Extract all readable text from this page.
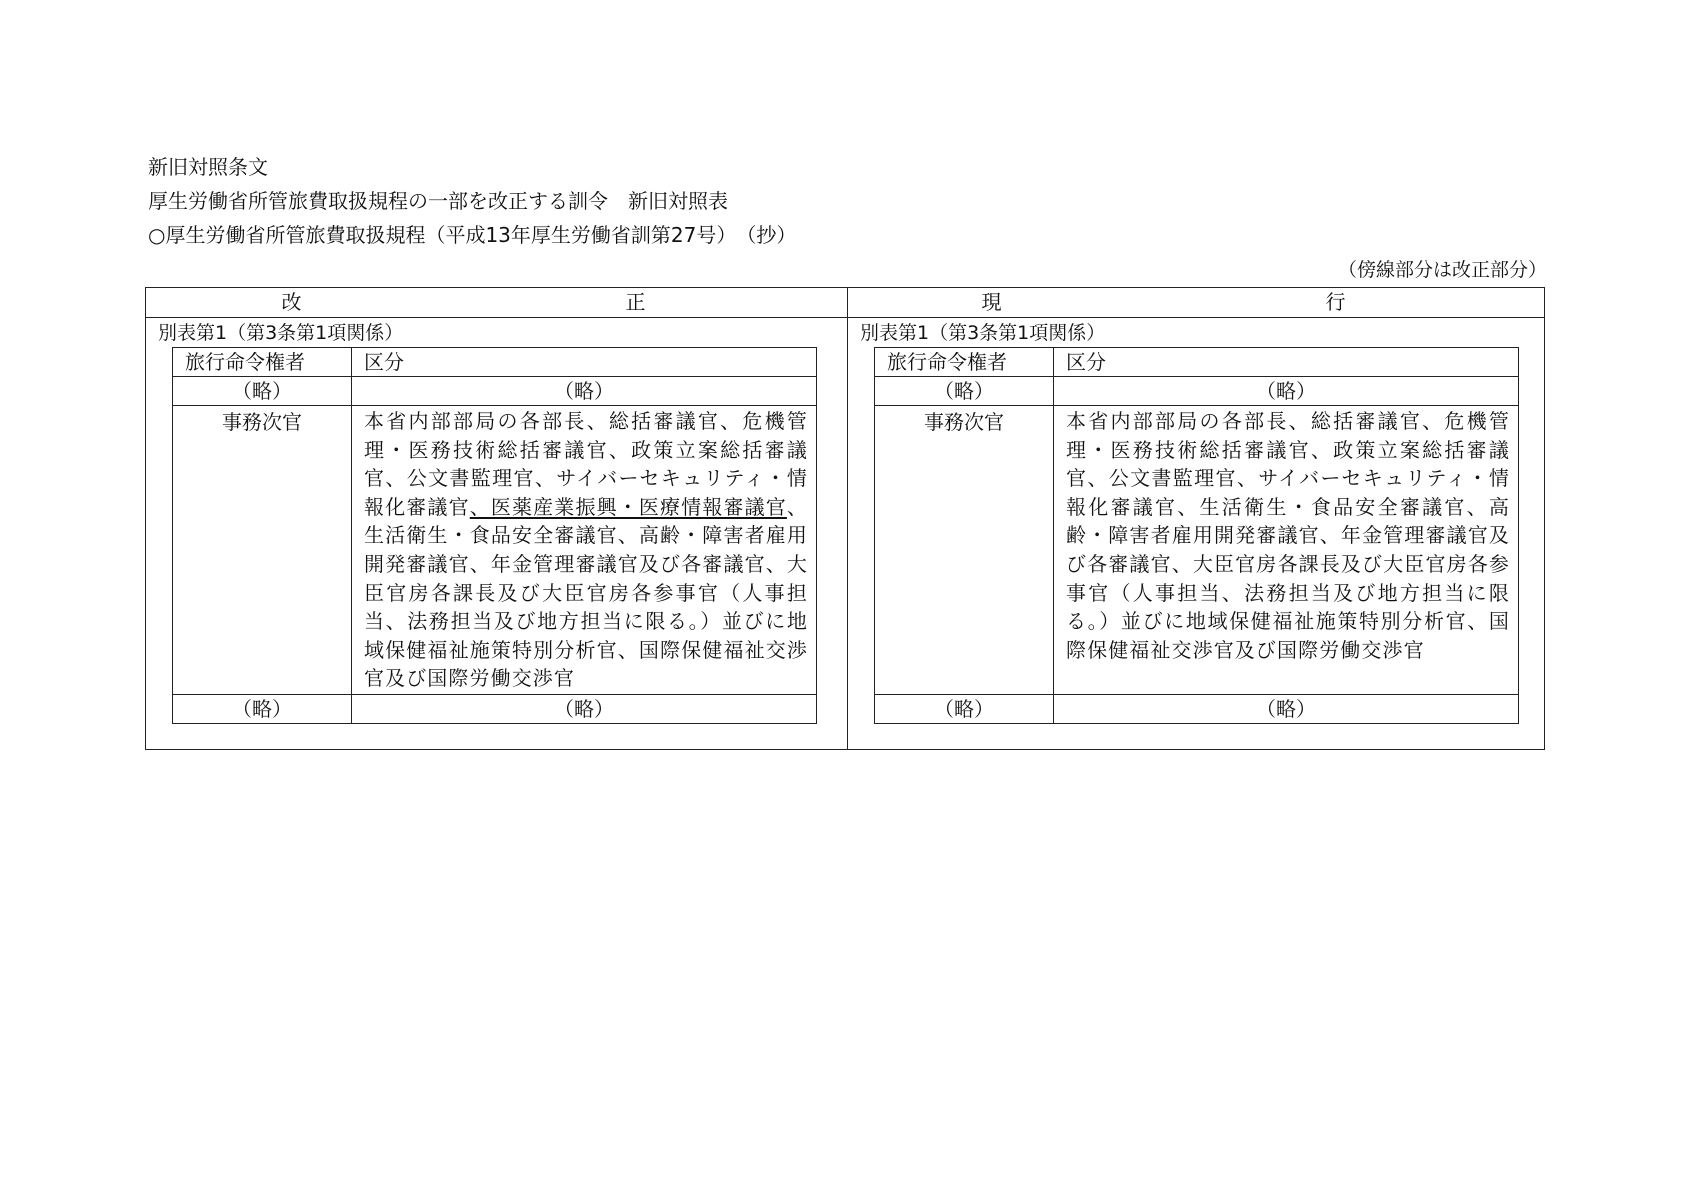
新旧対照条文
厚生労働省所管旅費取扱規程の一部を改正する訓令　新旧対照表
○厚生労働省所管旅費取扱規程（平成13年厚生労働省訓第27号）　（抄）
（傍線部分は改正部分）
改　　　正	現　　　行
別表第1（第3条第1項関係）
旅行命令権者	区分
（略）	（略）
事務次官	本省内部部局の各部長、総括審議官、危機管理・医務技術総括審議官、政策立案総括審議官、公文書監理官、サイバーセキュリティ・情報化審議官、医薬産業振興・医療情報審議官、生活衛生・食品安全審議官、高齢・障害者雇用開発審議官、年金管理審議官及び各審議官、大臣官房各課長及び大臣官房各参事官（人事担当、法務担当及び地方担当に限る。）並びに地域保健福祉施策特別分析官、国際保健福祉交渉官及び国際労働交渉官
（略）	（略）
別表第1（第3条第1項関係）
旅行命令権者	区分
（略）	（略）
事務次官	本省内部部局の各部長、総括審議官、危機管理・医務技術総括審議官、政策立案総括審議官、公文書監理官、サイバーセキュリティ・情報化審議官、生活衛生・食品安全審議官、高齢・障害者雇用開発審議官、年金管理審議官及び各審議官、大臣官房各課長及び大臣官房各参事官（人事担当、法務担当及び地方担当に限る。）並びに地域保健福祉施策特別分析官、国際保健福祉交渉官及び国際労働交渉官
（略）	（略）
